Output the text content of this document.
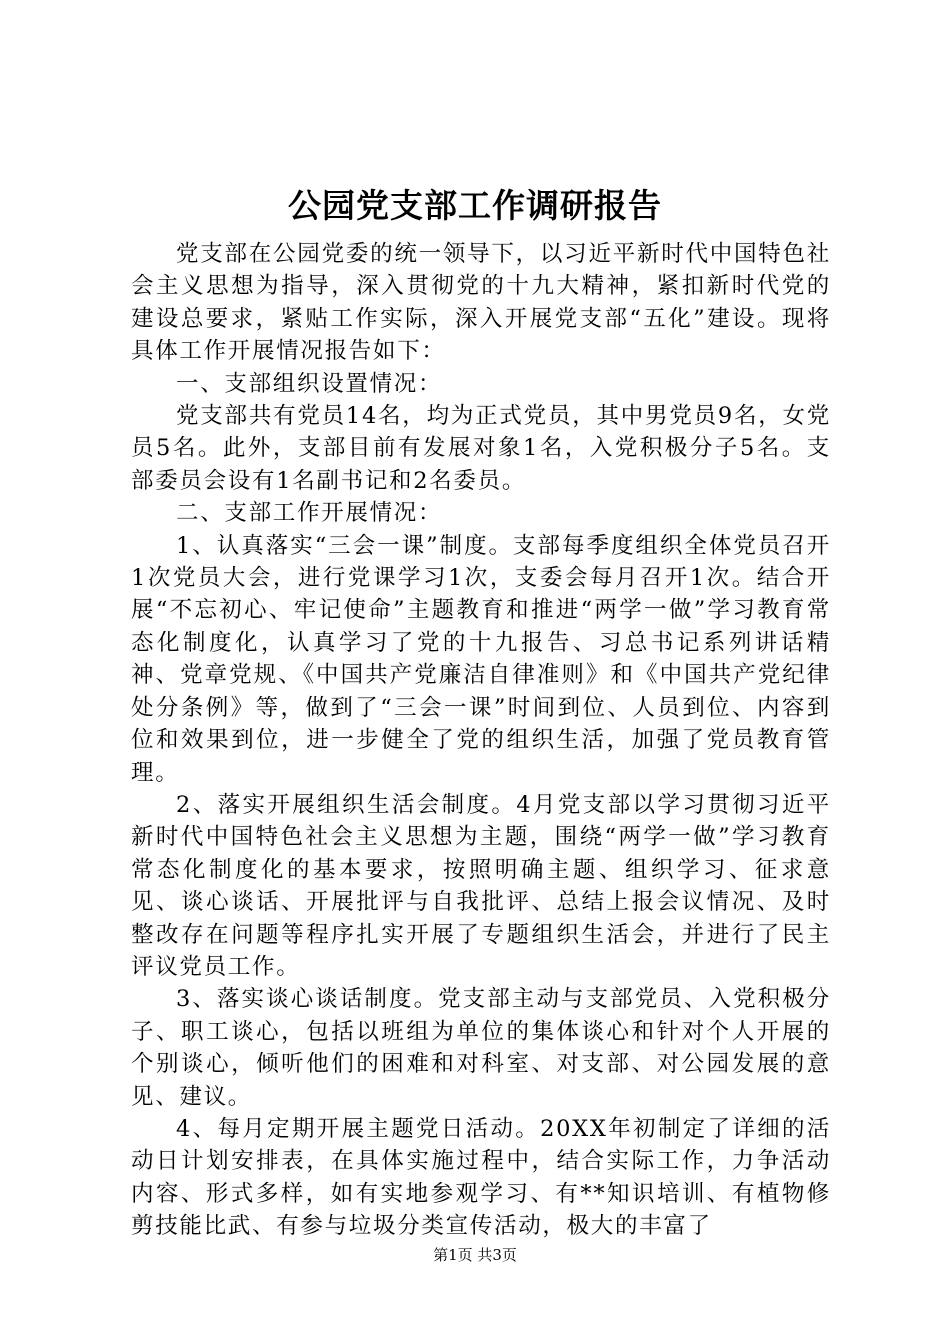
公园党支部工作调研报告

党支部在公园党委的统一领导下，以习近平新时代中国特色社会主义思想为指导，深入贯彻党的十九大精神，紧扣新时代党的建设总要求，紧贴工作实际，深入开展党支部“五化”建设。现将具体工作开展情况报告如下：

一、支部组织设置情况：

党支部共有党员14名，均为正式党员，其中男党员9名，女党员5名。此外，支部目前有发展对象1名，入党积极分子5名。支部委员会设有1名副书记和2名委员。

二、支部工作开展情况：

1、认真落实“三会一课”制度。支部每季度组织全体党员召开1次党员大会，进行党课学习1次，支委会每月召开1次。结合开展“不忘初心、牢记使命”主题教育和推进“两学一做”学习教育常态化制度化，认真学习了党的十九报告、习总书记系列讲话精神、党章党规、《中国共产党廉洁自律准则》和《中国共产党纪律处分条例》等，做到了“三会一课”时间到位、人员到位、内容到位和效果到位，进一步健全了党的组织生活，加强了党员教育管理。

2、落实开展组织生活会制度。4月党支部以学习贯彻习近平新时代中国特色社会主义思想为主题，围绕“两学一做”学习教育常态化制度化的基本要求，按照明确主题、组织学习、征求意见、谈心谈话、开展批评与自我批评、总结上报会议情况、及时整改存在问题等程序扎实开展了专题组织生活会，并进行了民主评议党员工作。

3、落实谈心谈话制度。党支部主动与支部党员、入党积极分子、职工谈心，包括以班组为单位的集体谈心和针对个人开展的个别谈心，倾听他们的困难和对科室、对支部、对公园发展的意见、建议。

4、每月定期开展主题党日活动。20XX年初制定了详细的活动日计划安排表，在具体实施过程中，结合实际工作，力争活动内容、形式多样，如有实地参观学习、有**知识培训、有植物修剪技能比武、有参与垃圾分类宣传活动，极大的丰富了

第1页 共3页
